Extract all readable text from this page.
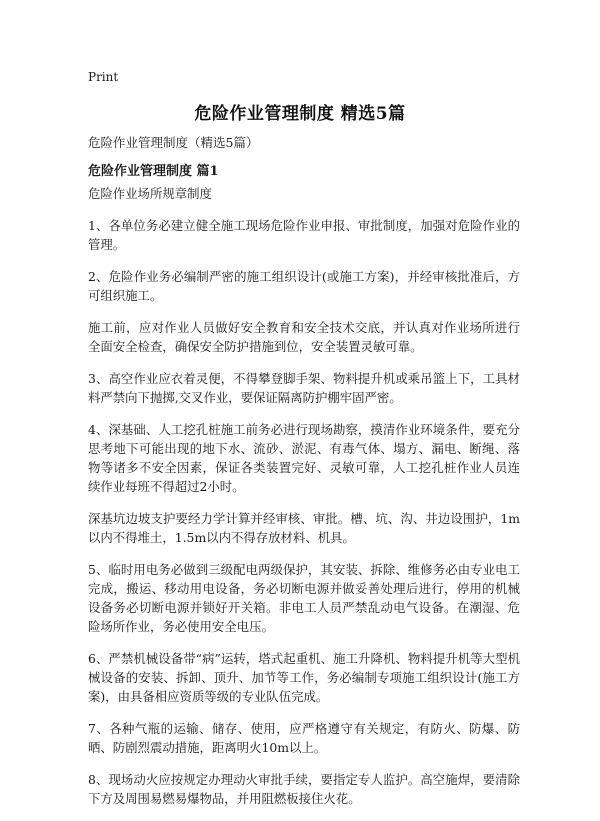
Print
危险作业管理制度 精选5篇

危险作业管理制度（精选5篇）

危险作业管理制度 篇1

危险作业场所规章制度

1、各单位务必建立健全施工现场危险作业申报、审批制度，加强对危险作业的管理。

2、危险作业务必编制严密的施工组织设计(或施工方案)，并经审核批准后，方可组织施工。

施工前，应对作业人员做好安全教育和安全技术交底，并认真对作业场所进行全面安全检查，确保安全防护措施到位，安全装置灵敏可靠。

3、高空作业应衣着灵便，不得攀登脚手架、物料提升机或乘吊篮上下，工具材料严禁向下抛掷,交叉作业，要保证隔离防护棚牢固严密。

4、深基础、人工挖孔桩施工前务必进行现场勘察，摸清作业环境条件，要充分思考地下可能出现的地下水、流砂、淤泥、有毒气体、塌方、漏电、断绳、落物等诸多不安全因素，保证各类装置完好、灵敏可靠，人工挖孔桩作业人员连续作业每班不得超过2小时。

深基坑边坡支护要经力学计算并经审核、审批。槽、坑、沟、井边设围护，1m以内不得堆土，1.5m以内不得存放材料、机具。

5、临时用电务必做到三级配电两级保护，其安装、拆除、维修务必由专业电工完成，搬运、移动用电设备，务必切断电源并做妥善处理后进行，停用的机械设备务必切断电源并锁好开关箱。非电工人员严禁乱动电气设备。在潮湿、危险场所作业，务必使用安全电压。

6、严禁机械设备带“病”运转，塔式起重机、施工升降机、物料提升机等大型机械设备的安装、拆卸、顶升、加节等工作，务必编制专项施工组织设计(施工方案)，由具备相应资质等级的专业队伍完成。

7、各种气瓶的运输、储存、使用，应严格遵守有关规定，有防火、防爆、防晒、防剧烈震动措施，距离明火10m以上。

8、现场动火应按规定办理动火审批手续，要指定专人监护。高空施焊，要清除下方及周围易燃易爆物品，并用阻燃板接住火花。
